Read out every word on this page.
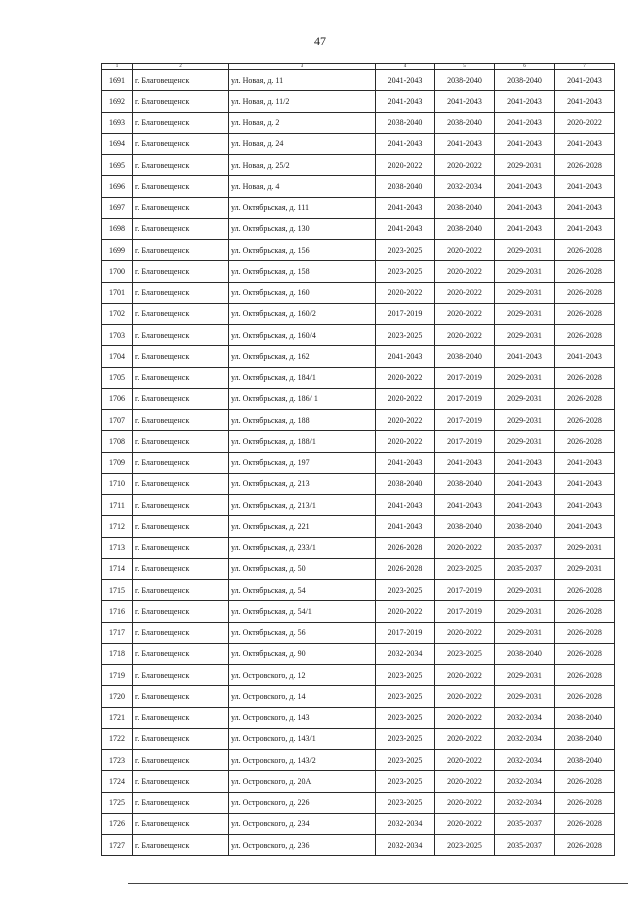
47
1	2	3	4	5	6	7
1691	г. Благовещенск	ул. Новая, д. 11	2041-2043	2038-2040	2038-2040	2041-2043
1692	г. Благовещенск	ул. Новая, д. 11/2	2041-2043	2041-2043	2041-2043	2041-2043
1693	г. Благовещенск	ул. Новая, д. 2	2038-2040	2038-2040	2041-2043	2020-2022
1694	г. Благовещенск	ул. Новая, д. 24	2041-2043	2041-2043	2041-2043	2041-2043
1695	г. Благовещенск	ул. Новая, д. 25/2	2020-2022	2020-2022	2029-2031	2026-2028
1696	г. Благовещенск	ул. Новая, д. 4	2038-2040	2032-2034	2041-2043	2041-2043
1697	г. Благовещенск	ул. Октябрьская, д. 111	2041-2043	2038-2040	2041-2043	2041-2043
1698	г. Благовещенск	ул. Октябрьская, д. 130	2041-2043	2038-2040	2041-2043	2041-2043
1699	г. Благовещенск	ул. Октябрьская, д. 156	2023-2025	2020-2022	2029-2031	2026-2028
1700	г. Благовещенск	ул. Октябрьская, д. 158	2023-2025	2020-2022	2029-2031	2026-2028
1701	г. Благовещенск	ул. Октябрьская, д. 160	2020-2022	2020-2022	2029-2031	2026-2028
1702	г. Благовещенск	ул. Октябрьская, д. 160/2	2017-2019	2020-2022	2029-2031	2026-2028
1703	г. Благовещенск	ул. Октябрьская, д. 160/4	2023-2025	2020-2022	2029-2031	2026-2028
1704	г. Благовещенск	ул. Октябрьская, д. 162	2041-2043	2038-2040	2041-2043	2041-2043
1705	г. Благовещенск	ул. Октябрьская, д. 184/1	2020-2022	2017-2019	2029-2031	2026-2028
1706	г. Благовещенск	ул. Октябрьская, д. 186/ 1	2020-2022	2017-2019	2029-2031	2026-2028
1707	г. Благовещенск	ул. Октябрьская, д. 188	2020-2022	2017-2019	2029-2031	2026-2028
1708	г. Благовещенск	ул. Октябрьская, д. 188/1	2020-2022	2017-2019	2029-2031	2026-2028
1709	г. Благовещенск	ул. Октябрьская, д. 197	2041-2043	2041-2043	2041-2043	2041-2043
1710	г. Благовещенск	ул. Октябрьская, д. 213	2038-2040	2038-2040	2041-2043	2041-2043
1711	г. Благовещенск	ул. Октябрьская, д. 213/1	2041-2043	2041-2043	2041-2043	2041-2043
1712	г. Благовещенск	ул. Октябрьская, д. 221	2041-2043	2038-2040	2038-2040	2041-2043
1713	г. Благовещенск	ул. Октябрьская, д. 233/1	2026-2028	2020-2022	2035-2037	2029-2031
1714	г. Благовещенск	ул. Октябрьская, д. 50	2026-2028	2023-2025	2035-2037	2029-2031
1715	г. Благовещенск	ул. Октябрьская, д. 54	2023-2025	2017-2019	2029-2031	2026-2028
1716	г. Благовещенск	ул. Октябрьская, д. 54/1	2020-2022	2017-2019	2029-2031	2026-2028
1717	г. Благовещенск	ул. Октябрьская, д. 56	2017-2019	2020-2022	2029-2031	2026-2028
1718	г. Благовещенск	ул. Октябрьская, д. 90	2032-2034	2023-2025	2038-2040	2026-2028
1719	г. Благовещенск	ул. Островского, д. 12	2023-2025	2020-2022	2029-2031	2026-2028
1720	г. Благовещенск	ул. Островского, д. 14	2023-2025	2020-2022	2029-2031	2026-2028
1721	г. Благовещенск	ул. Островского, д. 143	2023-2025	2020-2022	2032-2034	2038-2040
1722	г. Благовещенск	ул. Островского, д. 143/1	2023-2025	2020-2022	2032-2034	2038-2040
1723	г. Благовещенск	ул. Островского, д. 143/2	2023-2025	2020-2022	2032-2034	2038-2040
1724	г. Благовещенск	ул. Островского, д. 20А	2023-2025	2020-2022	2032-2034	2026-2028
1725	г. Благовещенск	ул. Островского, д. 226	2023-2025	2020-2022	2032-2034	2026-2028
1726	г. Благовещенск	ул. Островского, д. 234	2032-2034	2020-2022	2035-2037	2026-2028
1727	г. Благовещенск	ул. Островского, д. 236	2032-2034	2023-2025	2035-2037	2026-2028
